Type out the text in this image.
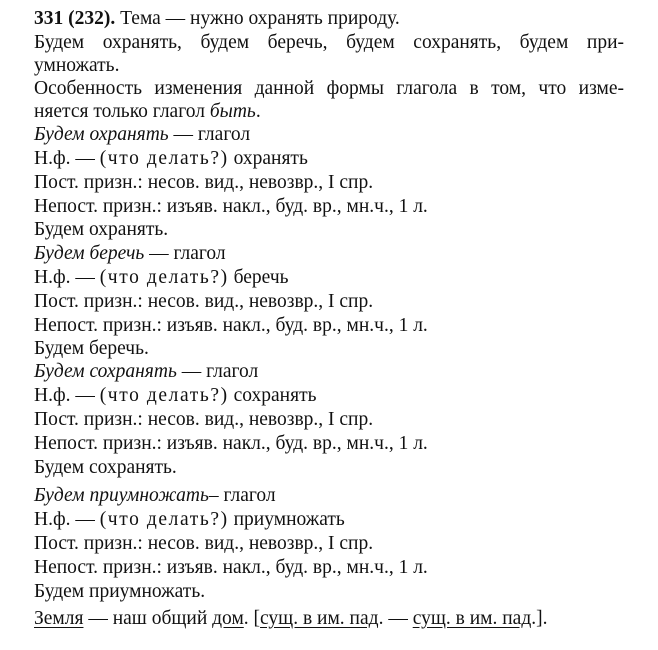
331 (232). Тема — нужно охранять природу.
Будем охранять, будем беречь, будем сохранять, будем при-
умножать.
Особенность изменения данной формы глагола в том, что изме-
няется только глагол быть.
Будем охранять — глагол
Н.ф. — (что делать?) охранять
Пост. призн.: несов. вид., невозвр., I спр.
Непост. призн.: изъяв. накл., буд. вр., мн.ч., 1 л.
Будем охранять.
Будем беречь — глагол
Н.ф. — (что делать?) беречь
Пост. призн.: несов. вид., невозвр., I спр.
Непост. призн.: изъяв. накл., буд. вр., мн.ч., 1 л.
Будем беречь.
Будем сохранять — глагол
Н.ф. — (что делать?) сохранять
Пост. призн.: несов. вид., невозвр., I спр.
Непост. призн.: изъяв. накл., буд. вр., мн.ч., 1 л.
Будем сохранять.
Будем приумножать– глагол
Н.ф. — (что делать?) приумножать
Пост. призн.: несов. вид., невозвр., I спр.
Непост. призн.: изъяв. накл., буд. вр., мн.ч., 1 л.
Будем приумножать.
Земля — наш общий дом. [сущ. в им. пад. — сущ. в им. пад.].
